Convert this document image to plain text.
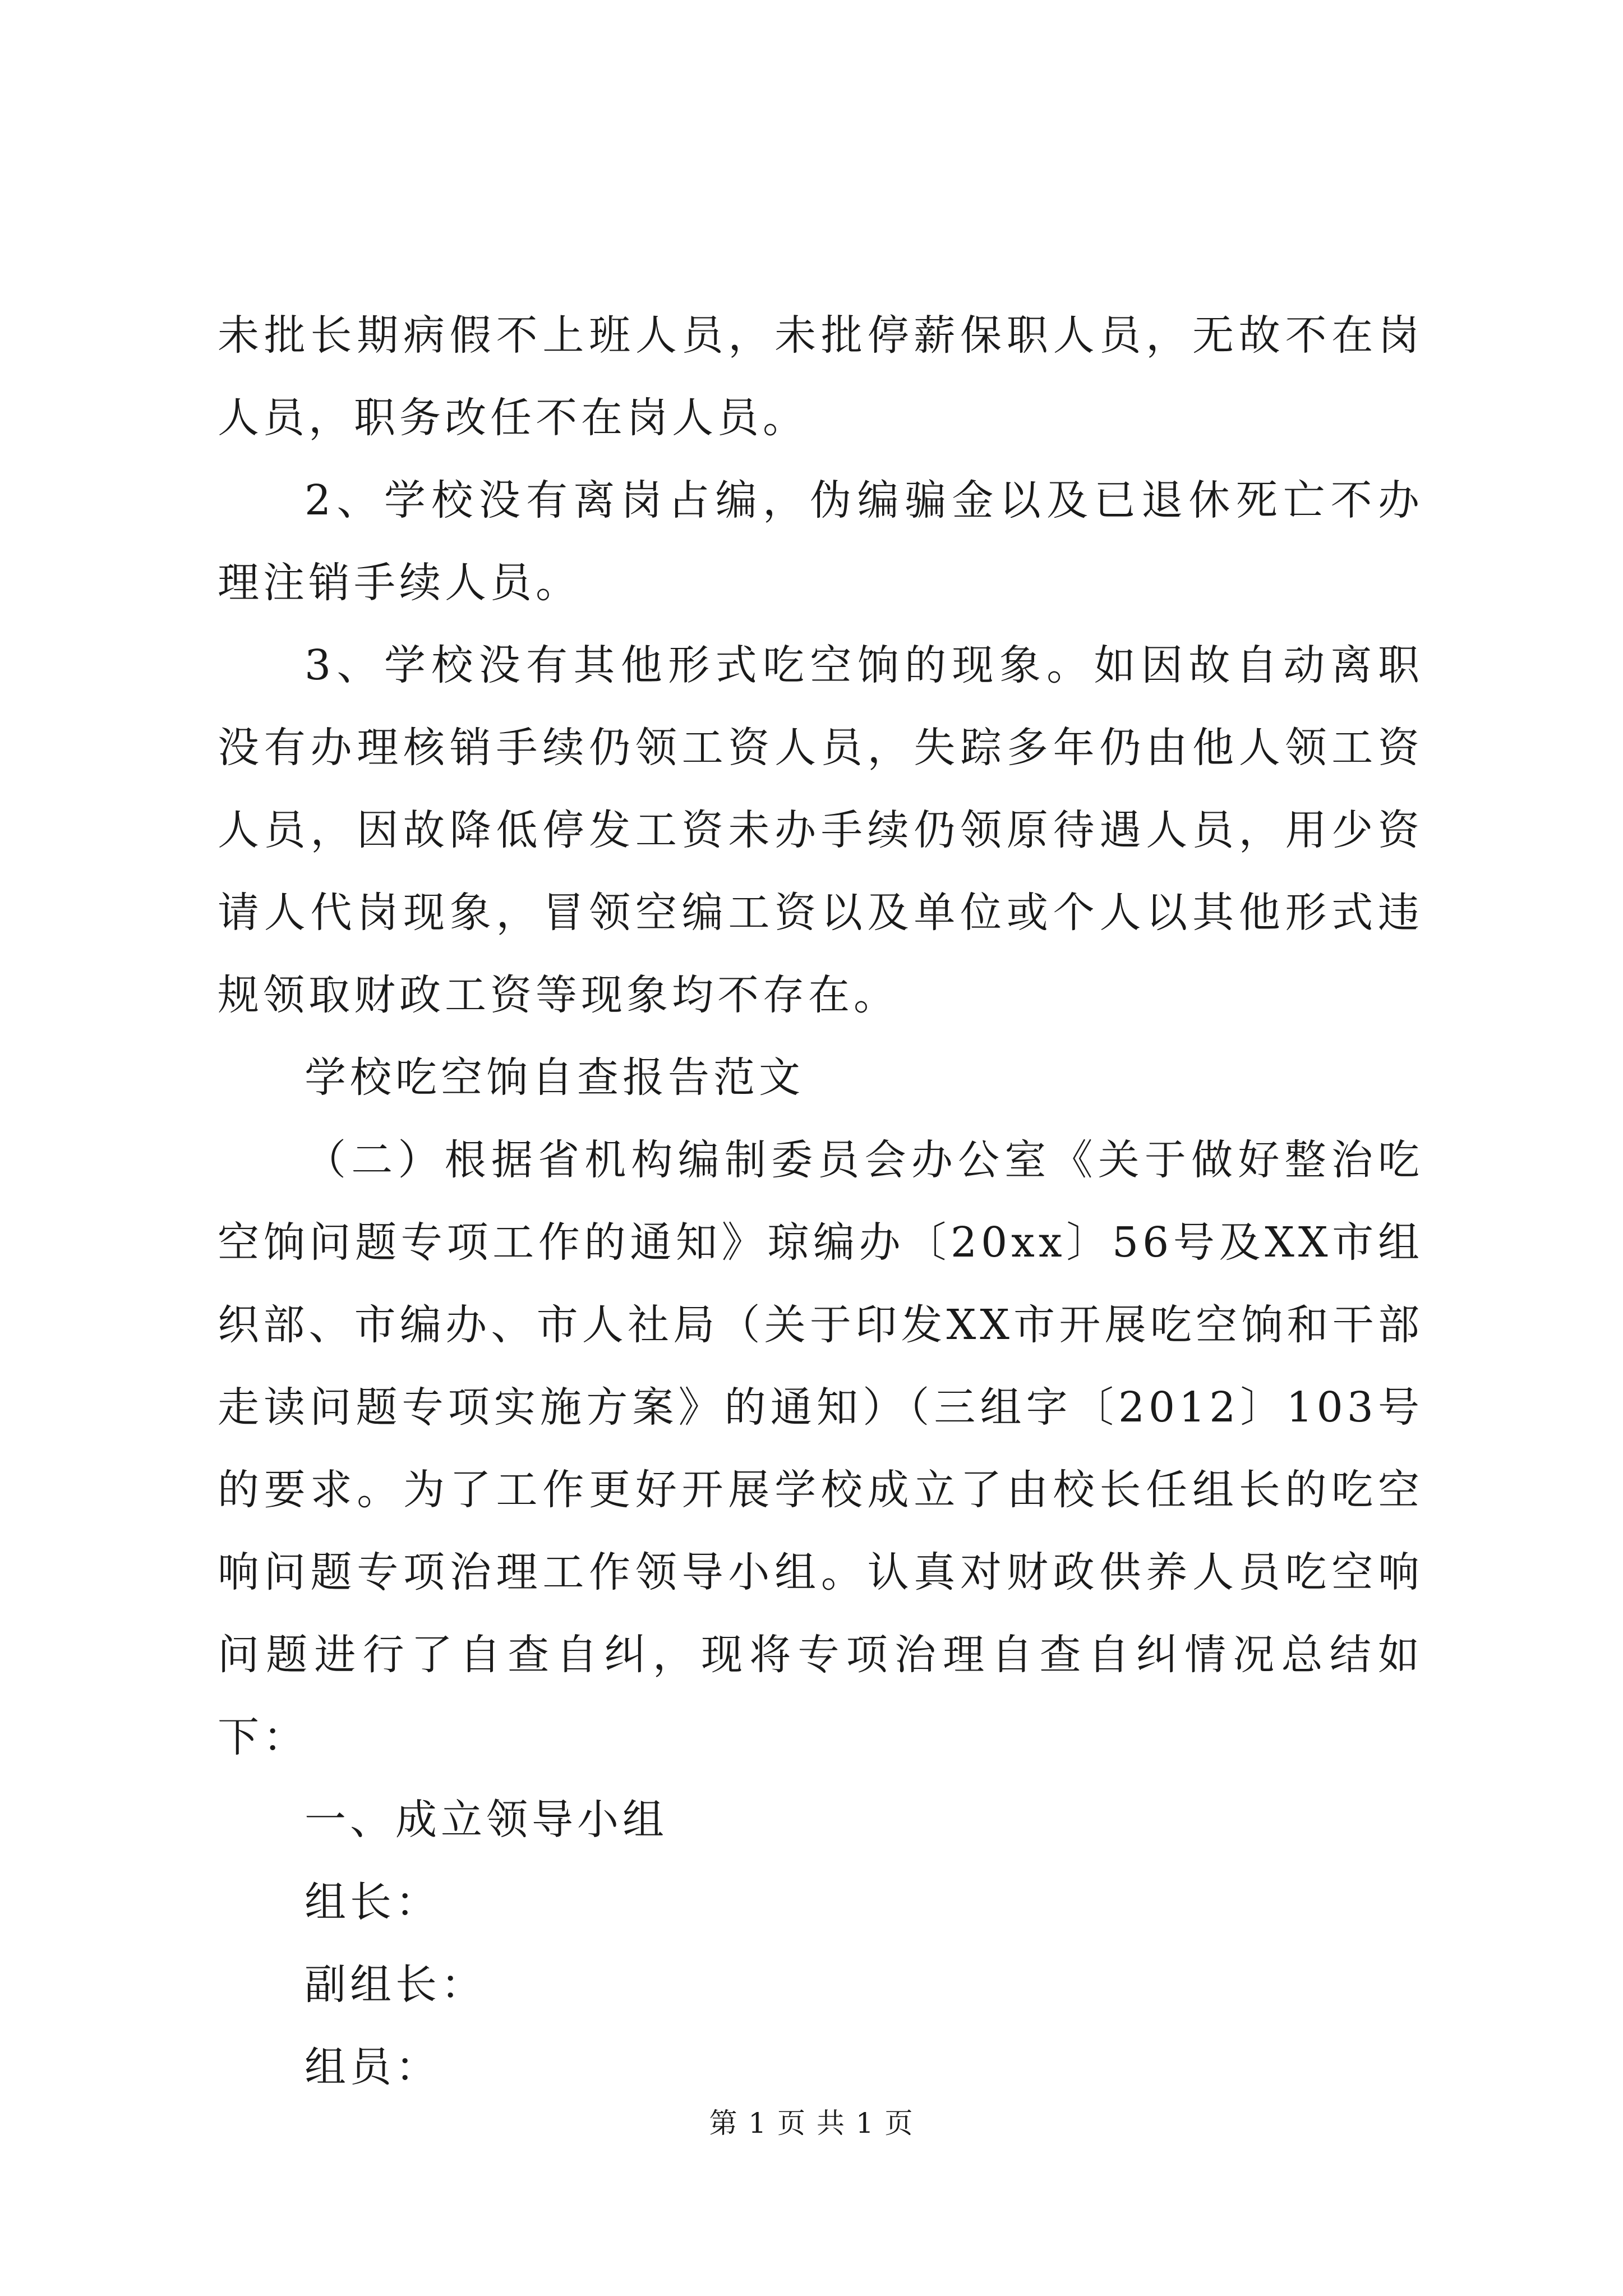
未批长期病假不上班人员，未批停薪保职人员，无故不在岗人员，职务改任不在岗人员。

2、学校没有离岗占编，伪编骗金以及已退休死亡不办理注销手续人员。

3、学校没有其他形式吃空饷的现象。如因故自动离职没有办理核销手续仍领工资人员，失踪多年仍由他人领工资人员，因故降低停发工资未办手续仍领原待遇人员，用少资请人代岗现象，冒领空编工资以及单位或个人以其他形式违规领取财政工资等现象均不存在。

学校吃空饷自查报告范文

（二）根据省机构编制委员会办公室《关于做好整治吃空饷问题专项工作的通知》琼编办〔20xx〕56号及XX市组织部、市编办、市人社局（关于印发XX市开展吃空饷和干部走读问题专项实施方案》的通知）（三组字〔2012〕103号的要求。为了工作更好开展学校成立了由校长任组长的吃空响问题专项治理工作领导小组。认真对财政供养人员吃空响问题进行了自查自纠，现将专项治理自查自纠情况总结如下：

一、成立领导小组

组长：

副组长：

组员：

第 1 页 共 1 页
